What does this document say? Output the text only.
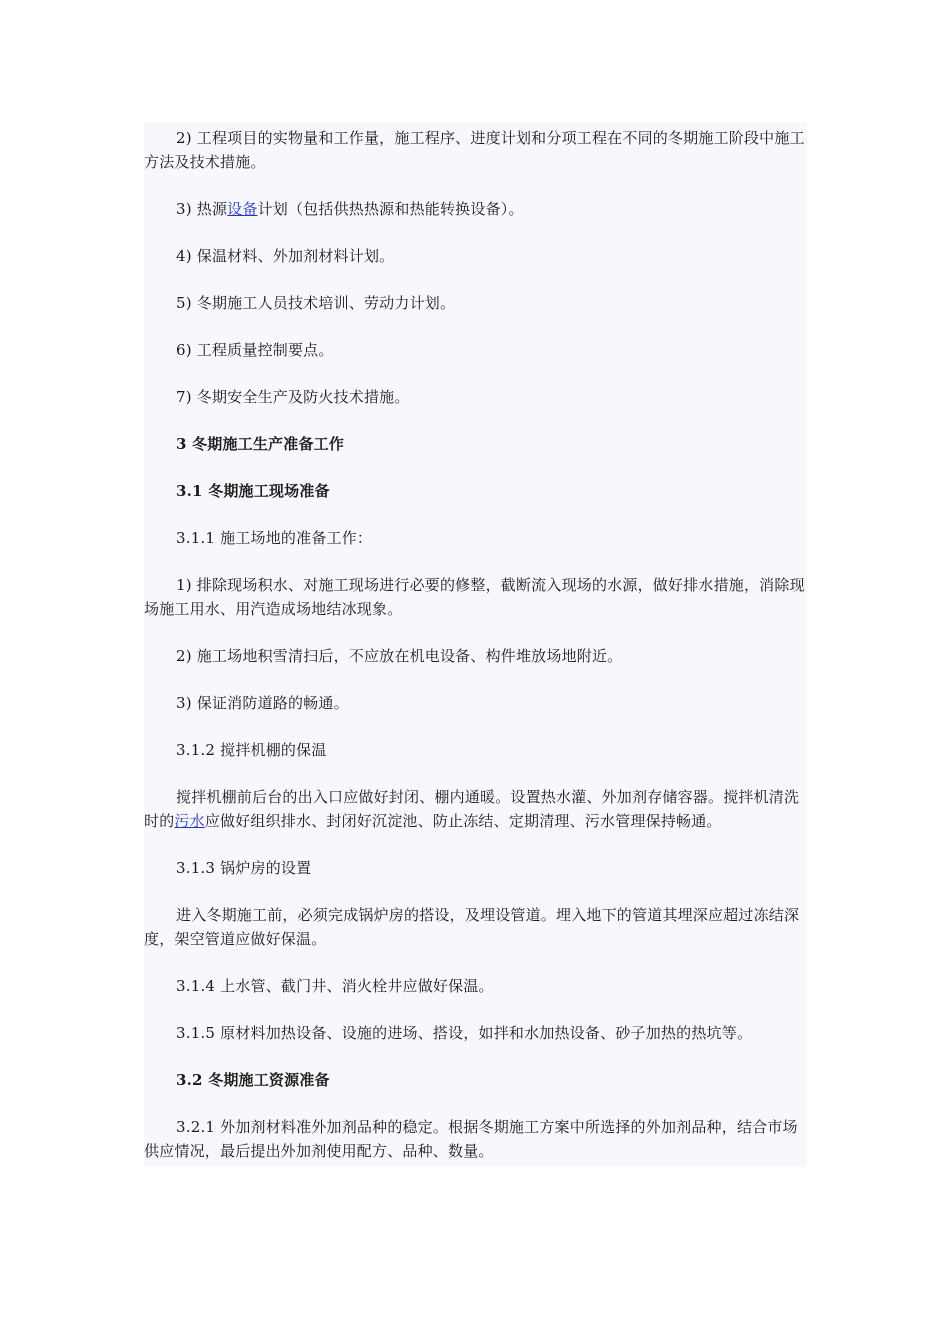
2) 工程项目的实物量和工作量，施工程序、进度计划和分项工程在不同的冬期施工阶段中施工方法及技术措施。

3) 热源设备计划（包括供热热源和热能转换设备）。

4) 保温材料、外加剂材料计划。

5) 冬期施工人员技术培训、劳动力计划。

6) 工程质量控制要点。

7) 冬期安全生产及防火技术措施。

3 冬期施工生产准备工作

3.1 冬期施工现场准备

3.1.1 施工场地的准备工作：

1) 排除现场积水、对施工现场进行必要的修整，截断流入现场的水源，做好排水措施，消除现场施工用水、用汽造成场地结冰现象。

2) 施工场地积雪清扫后，不应放在机电设备、构件堆放场地附近。

3) 保证消防道路的畅通。

3.1.2 搅拌机棚的保温

搅拌机棚前后台的出入口应做好封闭、棚内通暖。设置热水灌、外加剂存储容器。搅拌机清洗时的污水应做好组织排水、封闭好沉淀池、防止冻结、定期清理、污水管理保持畅通。

3.1.3 锅炉房的设置

进入冬期施工前，必须完成锅炉房的搭设，及埋设管道。埋入地下的管道其埋深应超过冻结深度，架空管道应做好保温。

3.1.4 上水管、截门井、消火栓井应做好保温。

3.1.5 原材料加热设备、设施的进场、搭设，如拌和水加热设备、砂子加热的热坑等。

3.2 冬期施工资源准备

3.2.1 外加剂材料准外加剂品种的稳定。根据冬期施工方案中所选择的外加剂品种，结合市场供应情况，最后提出外加剂使用配方、品种、数量。
